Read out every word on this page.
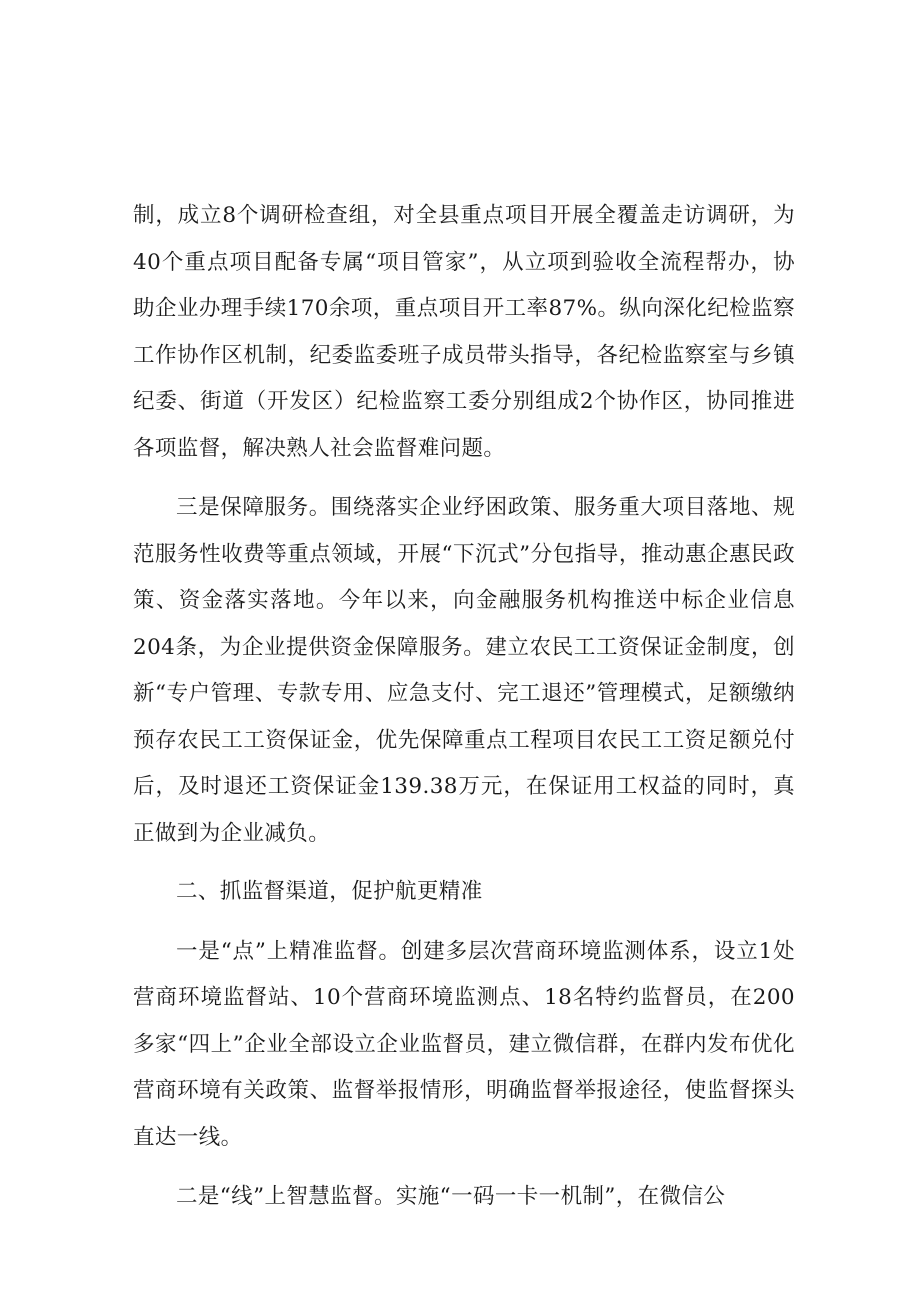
制，成立8个调研检查组，对全县重点项目开展全覆盖走访调研，为40个重点项目配备专属“项目管家”，从立项到验收全流程帮办，协助企业办理手续170余项，重点项目开工率87%。纵向深化纪检监察工作协作区机制，纪委监委班子成员带头指导，各纪检监察室与乡镇纪委、街道（开发区）纪检监察工委分别组成2个协作区，协同推进各项监督，解决熟人社会监督难问题。

三是保障服务。围绕落实企业纾困政策、服务重大项目落地、规范服务性收费等重点领域，开展“下沉式”分包指导，推动惠企惠民政策、资金落实落地。今年以来，向金融服务机构推送中标企业信息204条，为企业提供资金保障服务。建立农民工工资保证金制度，创新“专户管理、专款专用、应急支付、完工退还”管理模式，足额缴纳预存农民工工资保证金，优先保障重点工程项目农民工工资足额兑付后，及时退还工资保证金139.38万元，在保证用工权益的同时，真正做到为企业减负。

二、抓监督渠道，促护航更精准

一是“点”上精准监督。创建多层次营商环境监测体系，设立1处营商环境监督站、10个营商环境监测点、18名特约监督员，在200多家“四上”企业全部设立企业监督员，建立微信群，在群内发布优化营商环境有关政策、监督举报情形，明确监督举报途径，使监督探头直达一线。

二是“线”上智慧监督。实施“一码一卡一机制”，在微信公
